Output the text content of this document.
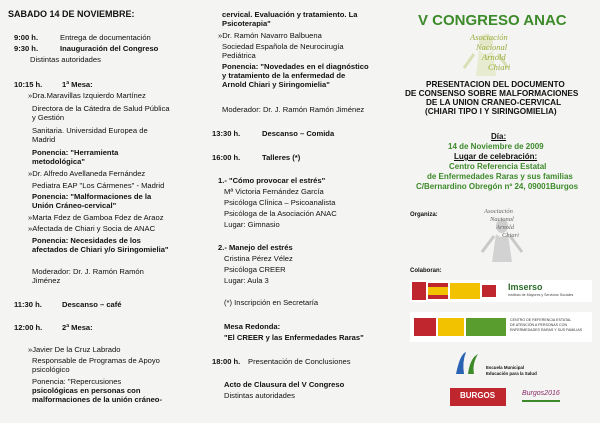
SABADO 14 DE NOVIEMBRE:
9:00 h.	Entrega de documentación
9:30 h.	Inauguración del Congreso
Distintas autoridades
10:15 h.	1ª Mesa:
»Dra.Maravillas Izquierdo Martínez
Directora de la Cátedra de Salud Pública
y Gestión
Sanitaria. Universidad Europea de
Madrid
Ponencia: "Herramienta
metodológica"
»Dr. Alfredo Avellaneda Fernández
Pediatra EAP "Los Cármenes" - Madrid
Ponencia: "Malformaciones de la
Unión Cráneo-cervical"
»Marta Fdez de Gamboa Fdez de Araoz
»Afectada de Chiari y Socia de ANAC
Ponencia: Necesidades de los
afectados de Chiari y/o Siringomielia"
Moderador: Dr. J. Ramón Ramón
Jiménez
11:30 h.	Descanso – café
12:00 h.	2ª Mesa:
»Javier De la Cruz Labrado
Responsable de Programas de Apoyo
psicológico
Ponencia: "Repercusiones
psicológicas en personas con
malformaciones de la unión cráneo-
cervical. Evaluación y tratamiento. La
Psicoterapia"
»Dr. Ramón Navarro Balbuena
Sociedad Española de Neurocirugía
Pediátrica
Ponencia: "Novedades en el diagnóstico
y tratamiento de la enfermedad de
Arnold Chiari y Siringomielia"
Moderador: Dr. J. Ramón Ramón Jiménez
13:30 h.	Descanso – Comida
16:00 h.	Talleres (*)
1.- "Cómo provocar el estrés"
Mª Victoria Fernández García
Psicóloga Clínica – Psicoanalista
Psicóloga de la Asociación ANAC
Lugar: Gimnasio
2.- Manejo del estrés
Cristina Pérez Vélez
Psicóloga CREER
Lugar: Aula 3
(*) Inscripción en Secretaría
Mesa Redonda:
"El CREER y las Enfermedades Raras"
18:00 h. Presentación de Conclusiones
Acto de Clausura del V Congreso
Distintas autoridades
V CONGRESO ANAC
Asociación
Nacional
Arnold
Chiari
PRESENTACION DEL DOCUMENTO
DE CONSENSO SOBRE MALFORMACIONES
DE LA UNION CRANEO-CERVICAL
(CHIARI TIPO I Y SIRINGOMIELIA)
Día:
14 de Noviembre de 2009
Lugar de celebración:
Centro Referencia Estatal
de Enfermedades Raras y sus familias
C/Bernardino Obregón nº 24, 09001Burgos
Organiza:	Asociación
Nacional
Arnold
Chiari
Colaboran:
Imserso
Instituto de Mayores y Servicios Sociales
CENTRO DE REFERENCIA ESTATAL
DE ATENCIÓN A PERSONAS CON
ENFERMEDADES RARAS Y SUS FAMILIAS
Escuela Municipal
Educación para la Salud
BURGOS	Burgos2016
